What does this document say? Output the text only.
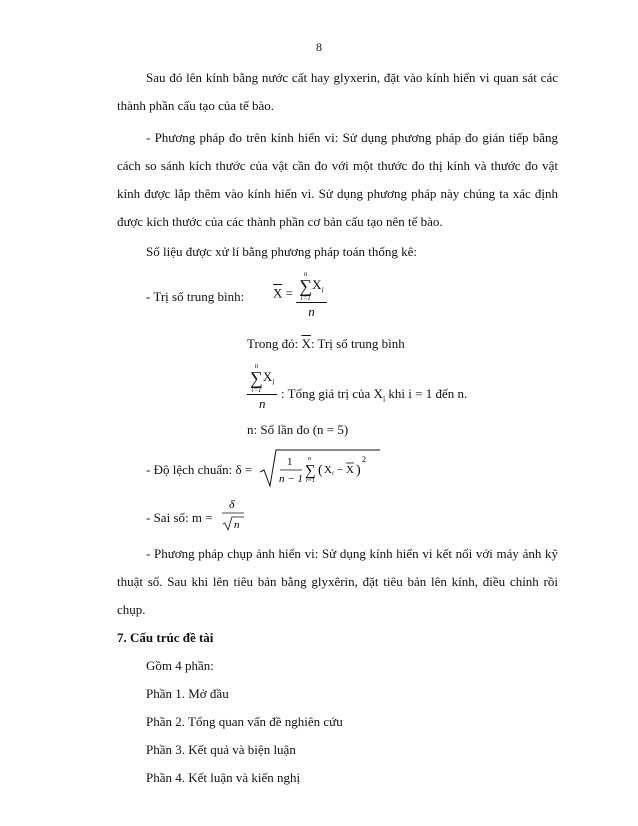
8

Sau đó lên kính bằng nước cất hay glyxerin, đặt vào kính hiển vi quan sát các thành phần cấu tạo của tế bào.

- Phương pháp đo trên kính hiển vi: Sử dụng phương pháp đo gián tiếp bằng cách so sánh kích thước của vật cần đo với một thước đo thị kính và thước đo vật kính được lắp thêm vào kính hiển vi. Sử dụng phương pháp này chúng ta xác định được kích thước của các thành phần cơ bản cấu tạo nên tế bào.

Số liệu được xử lí bằng phương pháp toán thống kê:

- Trị số trung bình: $\overline{X} = n$
∑
i=1
$X_i$
n
Trong đó: $\overline{X}$: Trị số trung bình
n
∑
i=1
$X_i$
n : Tổng giá trị của $X_i$ khi i = 1 đến n.
n: Số lần đo (n = 5)
- Độ lệch chuẩn: δ =	1
n − 1 ∑
n
i=1
( X i − X )
2
- Sai số: m =
δ
n

- Phương pháp chụp ảnh hiển vi: Sử dụng kính hiển vi kết nối với máy ảnh kỹ thuật số. Sau khi lên tiêu bản bằng glyxêrin, đặt tiêu bản lên kính, điều chỉnh rồi chụp.

7. Cấu trúc đề tài

Gồm 4 phần:

Phần 1. Mở đầu

Phần 2. Tổng quan vấn đề nghiên cứu

Phần 3. Kết quả và biện luận

Phần 4. Kết luận và kiến nghị
